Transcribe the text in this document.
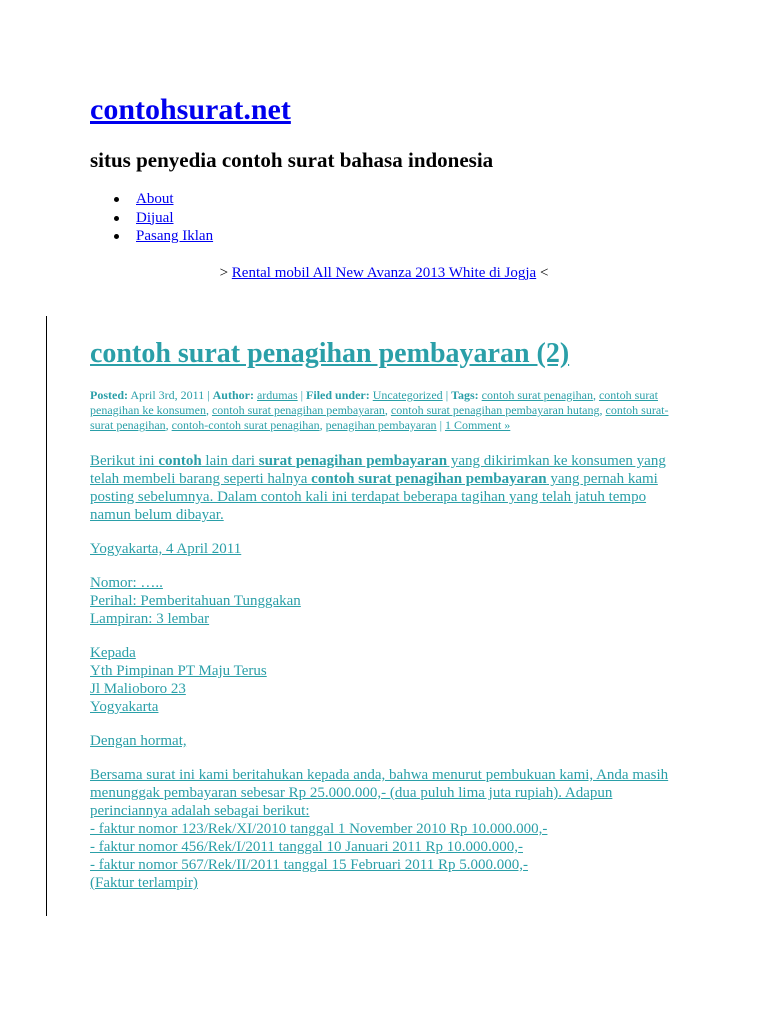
contohsurat.net
situs penyedia contoh surat bahasa indonesia
About
Dijual
Pasang Iklan
> Rental mobil All New Avanza 2013 White di Jogja <
contoh surat penagihan pembayaran (2)
Posted: April 3rd, 2011 | Author: ardumas | Filed under: Uncategorized | Tags: contoh surat penagihan, contoh surat penagihan ke konsumen, contoh surat penagihan pembayaran, contoh surat penagihan pembayaran hutang, contoh surat-surat penagihan, contoh-contoh surat penagihan, penagihan pembayaran | 1 Comment »

Berikut ini contoh lain dari surat penagihan pembayaran yang dikirimkan ke konsumen yang telah membeli barang seperti halnya contoh surat penagihan pembayaran yang pernah kami posting sebelumnya. Dalam contoh kali ini terdapat beberapa tagihan yang telah jatuh tempo namun belum dibayar.

Yogyakarta, 4 April 2011

Nomor: …..
Perihal: Pemberitahuan Tunggakan
Lampiran: 3 lembar

Kepada
Yth Pimpinan PT Maju Terus
Jl Malioboro 23
Yogyakarta

Dengan hormat,

Bersama surat ini kami beritahukan kepada anda, bahwa menurut pembukuan kami, Anda masih menunggak pembayaran sebesar Rp 25.000.000,- (dua puluh lima juta rupiah). Adapun perinciannya adalah sebagai berikut:
- faktur nomor 123/Rek/XI/2010 tanggal 1 November 2010 Rp 10.000.000,-
- faktur nomor 456/Rek/I/2011 tanggal 10 Januari 2011 Rp 10.000.000,-
- faktur nomor 567/Rek/II/2011 tanggal 15 Februari 2011 Rp 5.000.000,-
(Faktur terlampir)
